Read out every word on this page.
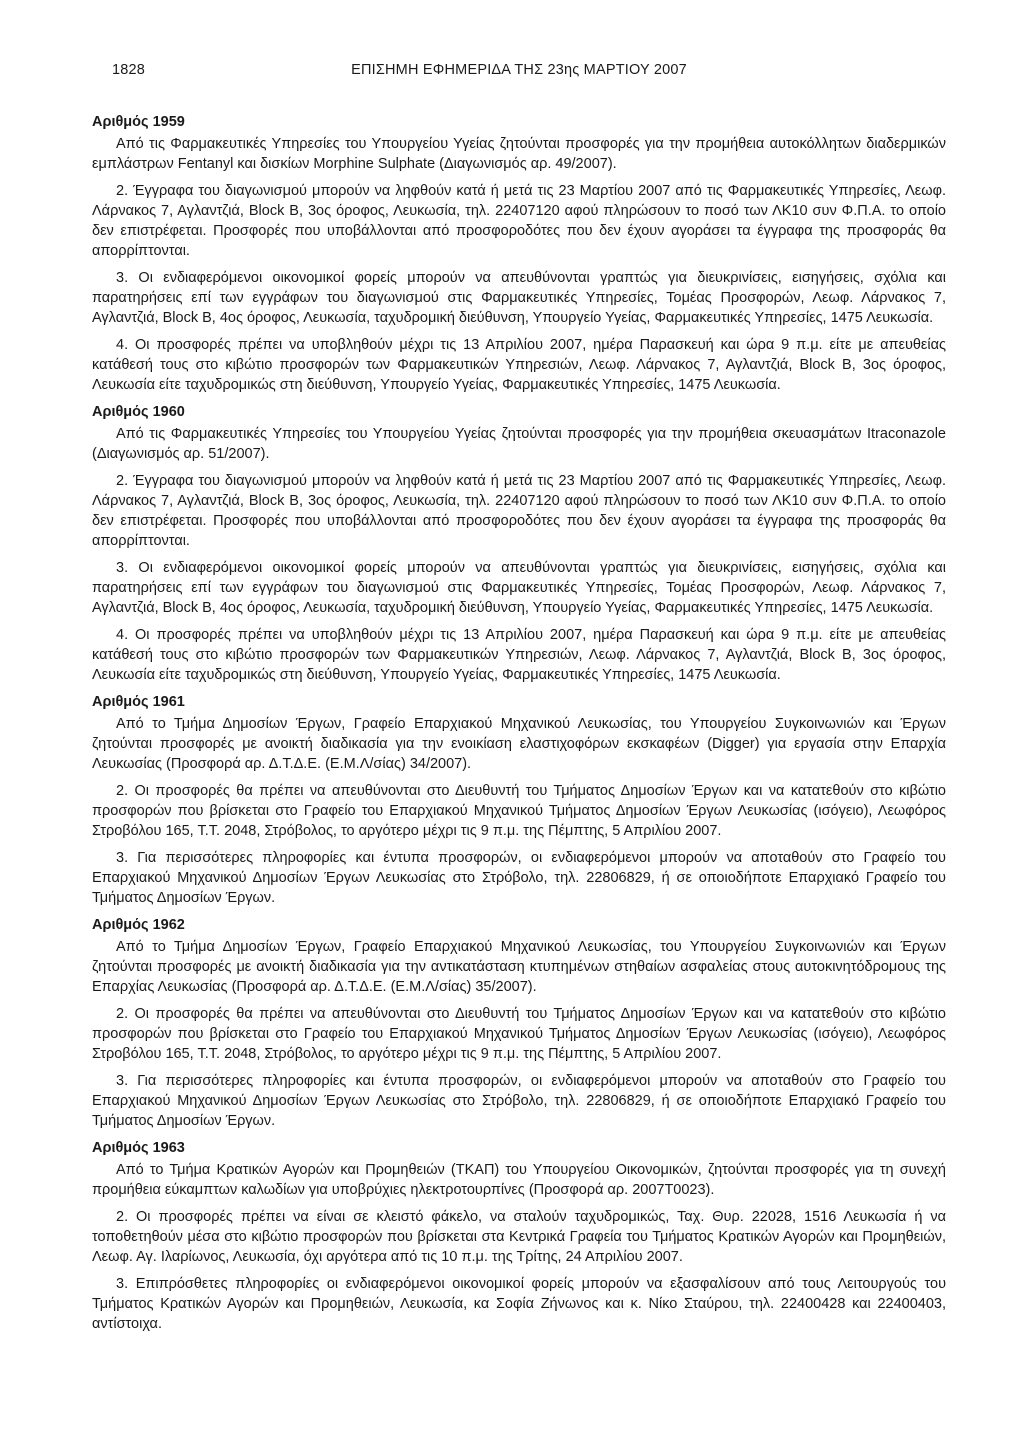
1828	ΕΠΙΣΗΜΗ ΕΦΗΜΕΡΙΔΑ ΤΗΣ 23ης ΜΑΡΤΙΟΥ 2007
Αριθμός 1959

Από τις Φαρμακευτικές Υπηρεσίες του Υπουργείου Υγείας ζητούνται προσφορές για την προμήθεια αυτοκόλλητων διαδερμικών εμπλάστρων Fentanyl και δισκίων Morphine Sulphate (Διαγωνισμός αρ. 49/2007).

2. Έγγραφα του διαγωνισμού μπορούν να ληφθούν κατά ή μετά τις 23 Μαρτίου 2007 από τις Φαρμακευτικές Υπηρεσίες, Λεωφ. Λάρνακος 7, Αγλαντζιά, Block B, 3ος όροφος, Λευκωσία, τηλ. 22407120 αφού πληρώσουν το ποσό των ΛΚ10 συν Φ.Π.Α. το οποίο δεν επιστρέφεται. Προσφορές που υποβάλλονται από προσφοροδότες που δεν έχουν αγοράσει τα έγγραφα της προσφοράς θα απορρίπτονται.

3. Οι ενδιαφερόμενοι οικονομικοί φορείς μπορούν να απευθύνονται γραπτώς για διευκρινίσεις, εισηγήσεις, σχόλια και παρατηρήσεις επί των εγγράφων του διαγωνισμού στις Φαρμακευτικές Υπηρεσίες, Τομέας Προσφορών, Λεωφ. Λάρνακος 7, Αγλαντζιά, Block B, 4ος όροφος, Λευκωσία, ταχυδρομική διεύθυνση, Υπουργείο Υγείας, Φαρμακευτικές Υπηρεσίες, 1475 Λευκωσία.

4. Οι προσφορές πρέπει να υποβληθούν μέχρι τις 13 Απριλίου 2007, ημέρα Παρασκευή και ώρα 9 π.μ. είτε με απευθείας κατάθεσή τους στο κιβώτιο προσφορών των Φαρμακευτικών Υπηρεσιών, Λεωφ. Λάρνακος 7, Αγλαντζιά, Block B, 3ος όροφος, Λευκωσία είτε ταχυδρομικώς στη διεύθυνση, Υπουργείο Υγείας, Φαρμακευτικές Υπηρεσίες, 1475 Λευκωσία.

Αριθμός 1960

Από τις Φαρμακευτικές Υπηρεσίες του Υπουργείου Υγείας ζητούνται προσφορές για την προμήθεια σκευασμάτων Itraconazole (Διαγωνισμός αρ. 51/2007).

2. Έγγραφα του διαγωνισμού μπορούν να ληφθούν κατά ή μετά τις 23 Μαρτίου 2007 από τις Φαρμακευτικές Υπηρεσίες, Λεωφ. Λάρνακος 7, Αγλαντζιά, Block B, 3ος όροφος, Λευκωσία, τηλ. 22407120 αφού πληρώσουν το ποσό των ΛΚ10 συν Φ.Π.Α. το οποίο δεν επιστρέφεται. Προσφορές που υποβάλλονται από προσφοροδότες που δεν έχουν αγοράσει τα έγγραφα της προσφοράς θα απορρίπτονται.

3. Οι ενδιαφερόμενοι οικονομικοί φορείς μπορούν να απευθύνονται γραπτώς για διευκρινίσεις, εισηγήσεις, σχόλια και παρατηρήσεις επί των εγγράφων του διαγωνισμού στις Φαρμακευτικές Υπηρεσίες, Τομέας Προσφορών, Λεωφ. Λάρνακος 7, Αγλαντζιά, Block B, 4ος όροφος, Λευκωσία, ταχυδρομική διεύθυνση, Υπουργείο Υγείας, Φαρμακευτικές Υπηρεσίες, 1475 Λευκωσία.

4. Οι προσφορές πρέπει να υποβληθούν μέχρι τις 13 Απριλίου 2007, ημέρα Παρασκευή και ώρα 9 π.μ. είτε με απευθείας κατάθεσή τους στο κιβώτιο προσφορών των Φαρμακευτικών Υπηρεσιών, Λεωφ. Λάρνακος 7, Αγλαντζιά, Block B, 3ος όροφος, Λευκωσία είτε ταχυδρομικώς στη διεύθυνση, Υπουργείο Υγείας, Φαρμακευτικές Υπηρεσίες, 1475 Λευκωσία.

Αριθμός 1961

Από το Τμήμα Δημοσίων Έργων, Γραφείο Επαρχιακού Μηχανικού Λευκωσίας, του Υπουργείου Συγκοινωνιών και Έργων ζητούνται προσφορές με ανοικτή διαδικασία για την ενοικίαση ελαστιχοφόρων εκσκαφέων (Digger) για εργασία στην Επαρχία Λευκωσίας (Προσφορά αρ. Δ.Τ.Δ.Ε. (Ε.Μ.Λ/σίας) 34/2007).

2. Οι προσφορές θα πρέπει να απευθύνονται στο Διευθυντή του Τμήματος Δημοσίων Έργων και να κατατεθούν στο κιβώτιο προσφορών που βρίσκεται στο Γραφείο του Επαρχιακού Μηχανικού Τμήματος Δημοσίων Έργων Λευκωσίας (ισόγειο), Λεωφόρος Στροβόλου 165, Τ.Τ. 2048, Στρόβολος, το αργότερο μέχρι τις 9 π.μ. της Πέμπτης, 5 Απριλίου 2007.

3. Για περισσότερες πληροφορίες και έντυπα προσφορών, οι ενδιαφερόμενοι μπορούν να αποταθούν στο Γραφείο του Επαρχιακού Μηχανικού Δημοσίων Έργων Λευκωσίας στο Στρόβολο, τηλ. 22806829, ή σε οποιοδήποτε Επαρχιακό Γραφείο του Τμήματος Δημοσίων Έργων.

Αριθμός 1962

Από το Τμήμα Δημοσίων Έργων, Γραφείο Επαρχιακού Μηχανικού Λευκωσίας, του Υπουργείου Συγκοινωνιών και Έργων ζητούνται προσφορές με ανοικτή διαδικασία για την αντικατάσταση κτυπημένων στηθαίων ασφαλείας στους αυτοκινητόδρομους της Επαρχίας Λευκωσίας (Προσφορά αρ. Δ.Τ.Δ.Ε. (Ε.Μ.Λ/σίας) 35/2007).

2. Οι προσφορές θα πρέπει να απευθύνονται στο Διευθυντή του Τμήματος Δημοσίων Έργων και να κατατεθούν στο κιβώτιο προσφορών που βρίσκεται στο Γραφείο του Επαρχιακού Μηχανικού Τμήματος Δημοσίων Έργων Λευκωσίας (ισόγειο), Λεωφόρος Στροβόλου 165, Τ.Τ. 2048, Στρόβολος, το αργότερο μέχρι τις 9 π.μ. της Πέμπτης, 5 Απριλίου 2007.

3. Για περισσότερες πληροφορίες και έντυπα προσφορών, οι ενδιαφερόμενοι μπορούν να αποταθούν στο Γραφείο του Επαρχιακού Μηχανικού Δημοσίων Έργων Λευκωσίας στο Στρόβολο, τηλ. 22806829, ή σε οποιοδήποτε Επαρχιακό Γραφείο του Τμήματος Δημοσίων Έργων.

Αριθμός 1963

Από το Τμήμα Κρατικών Αγορών και Προμηθειών (ΤΚΑΠ) του Υπουργείου Οικονομικών, ζητούνται προσφορές για τη συνεχή προμήθεια εύκαμπτων καλωδίων για υποβρύχιες ηλεκτροτουρπίνες (Προσφορά αρ. 2007Τ0023).

2. Οι προσφορές πρέπει να είναι σε κλειστό φάκελο, να σταλούν ταχυδρομικώς, Ταχ. Θυρ. 22028, 1516 Λευκωσία ή να τοποθετηθούν μέσα στο κιβώτιο προσφορών που βρίσκεται στα Κεντρικά Γραφεία του Τμήματος Κρατικών Αγορών και Προμηθειών, Λεωφ. Αγ. Ιλαρίωνος, Λευκωσία, όχι αργότερα από τις 10 π.μ. της Τρίτης, 24 Απριλίου 2007.

3. Επιπρόσθετες πληροφορίες οι ενδιαφερόμενοι οικονομικοί φορείς μπορούν να εξασφαλίσουν από τους Λειτουργούς του Τμήματος Κρατικών Αγορών και Προμηθειών, Λευκωσία, κα Σοφία Ζήνωνος και κ. Νίκο Σταύρου, τηλ. 22400428 και 22400403, αντίστοιχα.
